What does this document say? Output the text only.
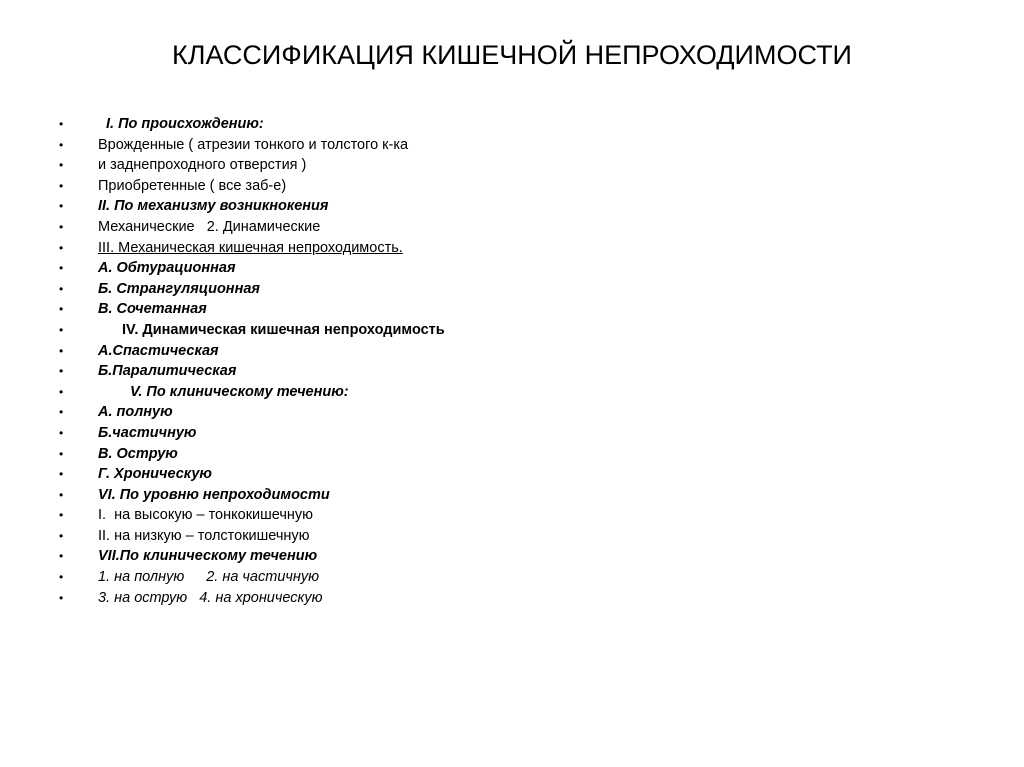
КЛАССИФИКАЦИЯ КИШЕЧНОЙ НЕПРОХОДИМОСТИ
•	I. По происхождению:
• Врожденные ( атрезии тонкого и толстого к-ка
• и заднепроходного отверстия )
• Приобретенные ( все заб-е)
• II. По механизму возникнокения
• Механические   2. Динамические
• III. Механическая кишечная непроходимость.
• А. Обтурационная
• Б. Странгуляционная
• В. Сочетанная
•	IV. Динамическая кишечная непроходимость
• А.Спастическая
• Б.Паралитическая
•	V. По клиническому течению:
• А. полную
• Б.частичную
• В. Острую
• Г. Хроническую
• VI. По уровню непроходимости
• I.  на высокую – тонкокишечную
• II. на низкую – толстокишечную
• VII.По клиническому течению
• 1. на полную 2. на частичную
• 3. на острую   4. на хроническую
